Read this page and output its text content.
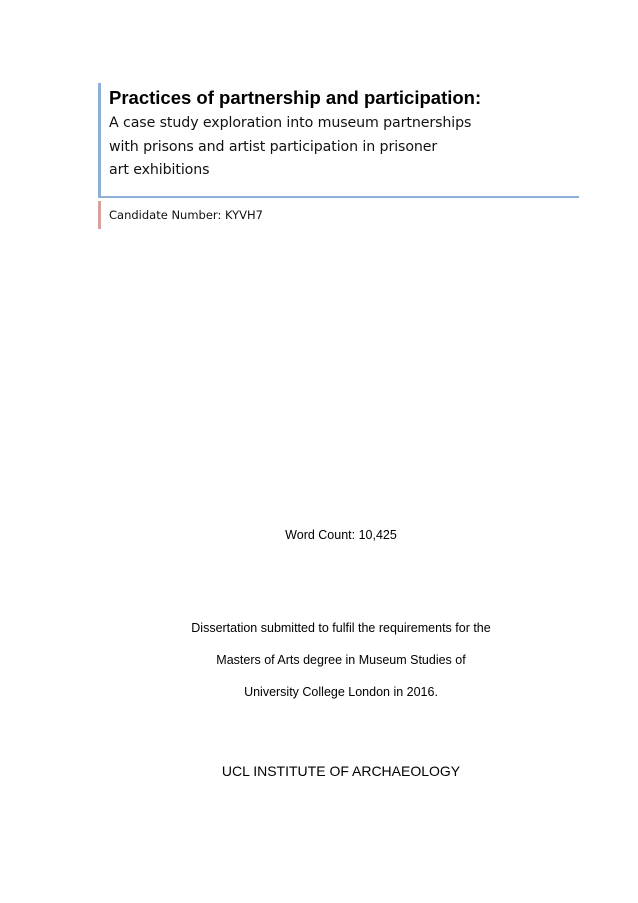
Practices of partnership and participation:

A case study exploration into museum partnerships
with prisons and artist participation in prisoner
art exhibitions

Candidate Number: KYVH7

Word Count: 10,425

Dissertation submitted to fulfil the requirements for the
Masters of Arts degree in Museum Studies of
University College London in 2016.

UCL INSTITUTE OF ARCHAEOLOGY
